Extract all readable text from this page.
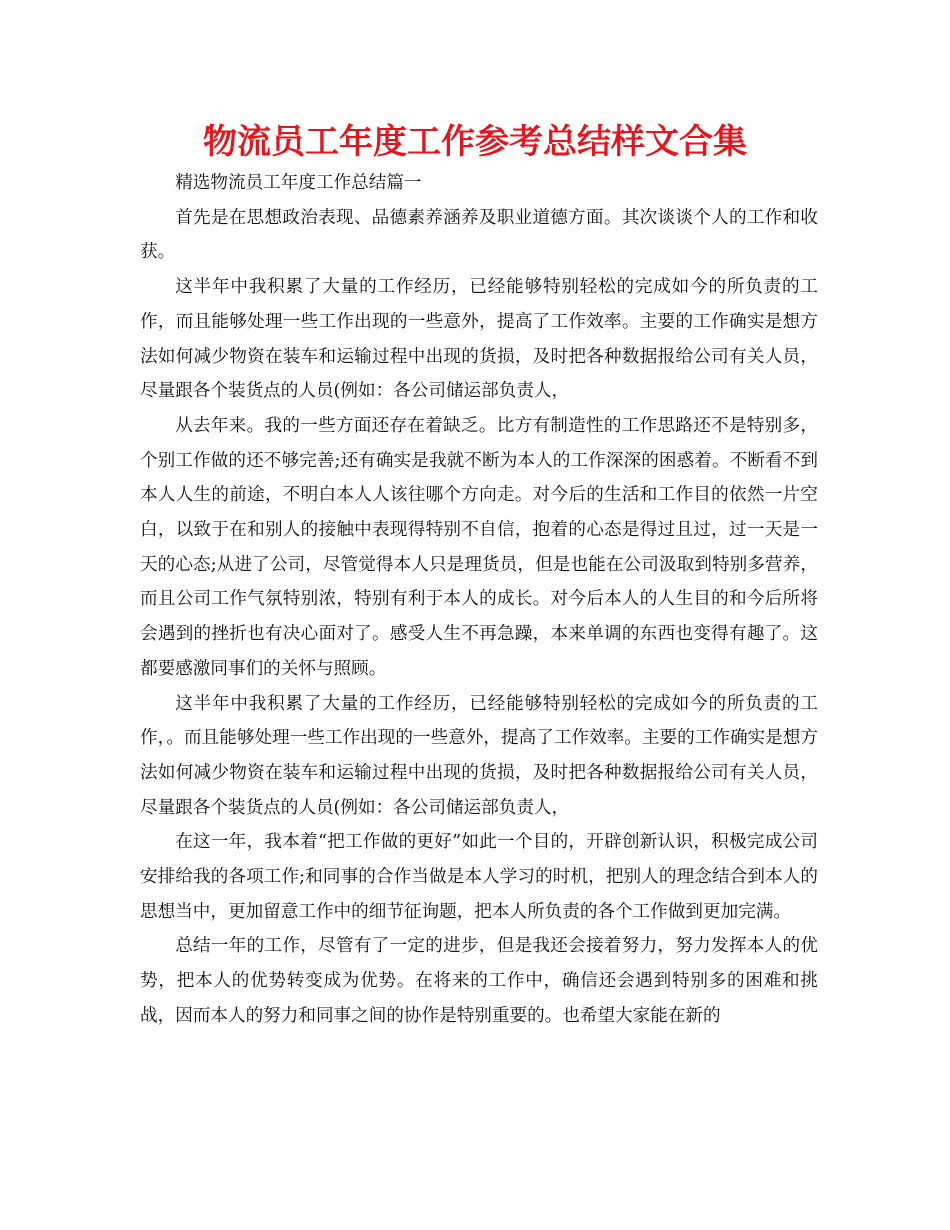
物流员工年度工作参考总结样文合集

精选物流员工年度工作总结篇一

首先是在思想政治表现、品德素养涵养及职业道德方面。其次谈谈个人的工作和收获。

这半年中我积累了大量的工作经历，已经能够特别轻松的完成如今的所负责的工作，而且能够处理一些工作出现的一些意外，提高了工作效率。主要的工作确实是想方法如何减少物资在装车和运输过程中出现的货损，及时把各种数据报给公司有关人员，尽量跟各个装货点的人员(例如：各公司储运部负责人，

从去年来。我的一些方面还存在着缺乏。比方有制造性的工作思路还不是特别多，个别工作做的还不够完善;还有确实是我就不断为本人的工作深深的困惑着。不断看不到本人人生的前途，不明白本人人该往哪个方向走。对今后的生活和工作目的依然一片空白，以致于在和别人的接触中表现得特别不自信，抱着的心态是得过且过，过一天是一天的心态;从进了公司，尽管觉得本人只是理货员，但是也能在公司汲取到特别多营养，而且公司工作气氛特别浓，特别有利于本人的成长。对今后本人的人生目的和今后所将会遇到的挫折也有决心面对了。感受人生不再急躁，本来单调的东西也变得有趣了。这都要感激同事们的关怀与照顾。

这半年中我积累了大量的工作经历，已经能够特别轻松的完成如今的所负责的工作，。而且能够处理一些工作出现的一些意外，提高了工作效率。主要的工作确实是想方法如何减少物资在装车和运输过程中出现的货损，及时把各种数据报给公司有关人员，尽量跟各个装货点的人员(例如：各公司储运部负责人，

在这一年，我本着“把工作做的更好”如此一个目的，开辟创新认识，积极完成公司安排给我的各项工作;和同事的合作当做是本人学习的时机，把别人的理念结合到本人的思想当中，更加留意工作中的细节征询题，把本人所负责的各个工作做到更加完满。

总结一年的工作，尽管有了一定的进步，但是我还会接着努力，努力发挥本人的优势，把本人的优势转变成为优势。在将来的工作中，确信还会遇到特别多的困难和挑战，因而本人的努力和同事之间的协作是特别重要的。也希望大家能在新的
